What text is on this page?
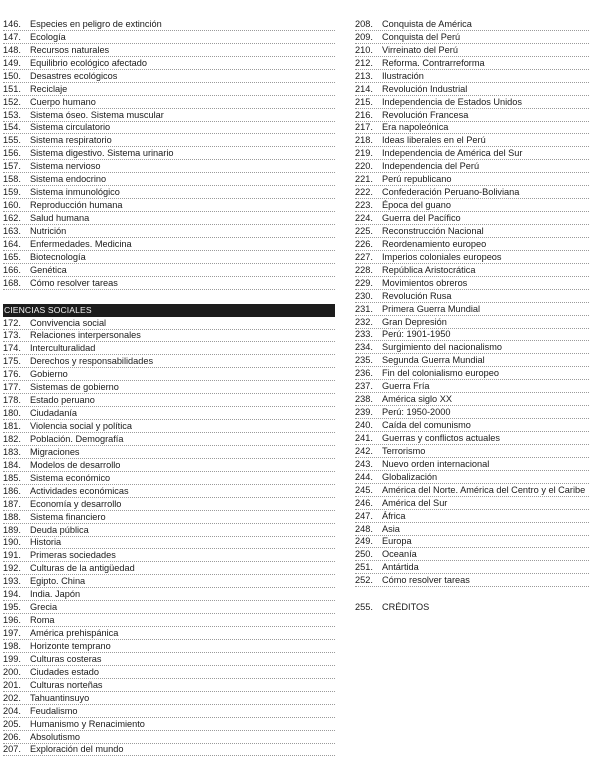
146. Especies en peligro de extinción
147. Ecología
148. Recursos naturales
149. Equilibrio ecológico afectado
150. Desastres ecológicos
151. Reciclaje
152. Cuerpo humano
153. Sistema óseo. Sistema muscular
154. Sistema circulatorio
155. Sistema respiratorio
156. Sistema digestivo. Sistema urinario
157. Sistema nervioso
158. Sistema endocrino
159. Sistema inmunológico
160. Reproducción humana
162. Salud humana
163. Nutrición
164. Enfermedades. Medicina
165. Biotecnología
166. Genética
168. Cómo resolver tareas
CIENCIAS SOCIALES
172. Convivencia social
173. Relaciones interpersonales
174. Interculturalidad
175. Derechos y responsabilidades
176. Gobierno
177. Sistemas de gobierno
178. Estado peruano
180. Ciudadanía
181. Violencia social y política
182. Población. Demografía
183. Migraciones
184. Modelos de desarrollo
185. Sistema económico
186. Actividades económicas
187. Economía y desarrollo
188. Sistema financiero
189. Deuda pública
190. Historia
191. Primeras sociedades
192. Culturas de la antigüedad
193. Egipto. China
194. India. Japón
195. Grecia
196. Roma
197. América prehispánica
198. Horizonte temprano
199. Culturas costeras
200. Ciudades estado
201. Culturas norteñas
202. Tahuantinsuyo
204. Feudalismo
205. Humanismo y Renacimiento
206. Absolutismo
207. Exploración del mundo
208. Conquista de América
209. Conquista del Perú
210. Virreinato del Perú
212. Reforma. Contrarreforma
213. Ilustración
214. Revolución Industrial
215. Independencia de Estados Unidos
216. Revolución Francesa
217. Era napoleónica
218. Ideas liberales en el Perú
219. Independencia de América del Sur
220. Independencia del Perú
221. Perú republicano
222. Confederación Peruano-Boliviana
223. Época del guano
224. Guerra del Pacífico
225. Reconstrucción Nacional
226. Reordenamiento europeo
227. Imperios coloniales europeos
228. República Aristocrática
229. Movimientos obreros
230. Revolución Rusa
231. Primera Guerra Mundial
232. Gran Depresión
233. Perú: 1901-1950
234. Surgimiento del nacionalismo
235. Segunda Guerra Mundial
236. Fin del colonialismo europeo
237. Guerra Fría
238. América siglo XX
239. Perú: 1950-2000
240. Caída del comunismo
241. Guerras y conflictos actuales
242. Terrorismo
243. Nuevo orden internacional
244. Globalización
245. América del Norte. América del Centro y el Caribe
246. América del Sur
247. África
248. Asia
249. Europa
250. Oceanía
251. Antártida
252. Cómo resolver tareas
255. CRÉDITOS
